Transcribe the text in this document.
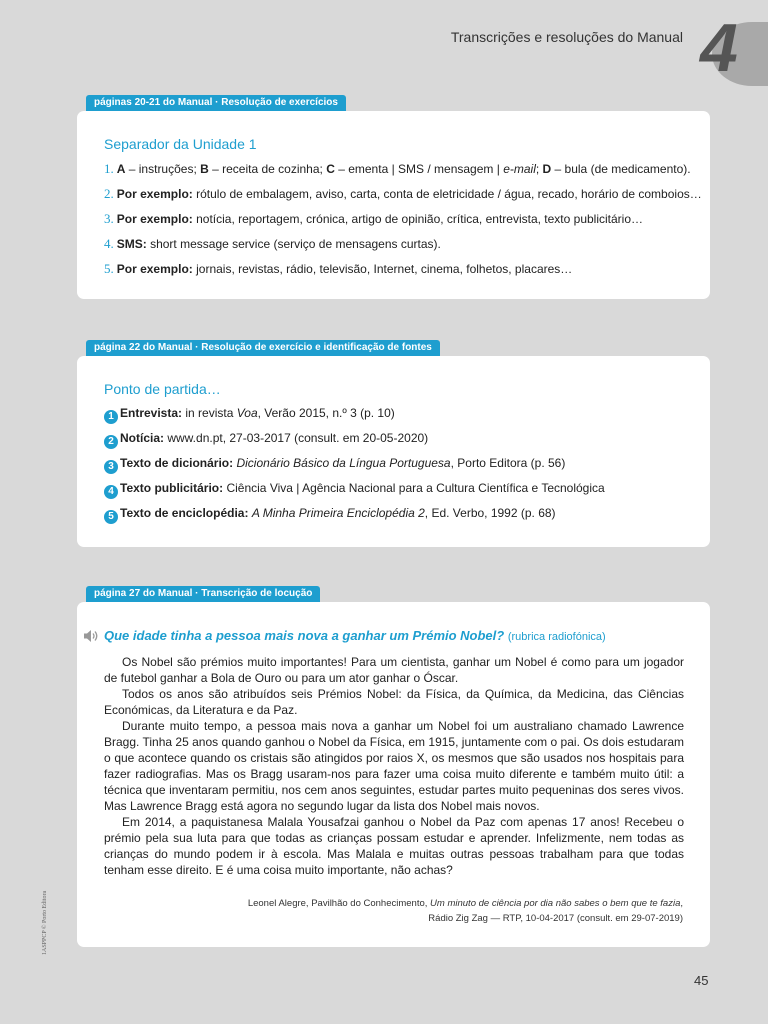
Transcrições e resoluções do Manual 4
páginas 20-21 do Manual · Resolução de exercícios
Separador da Unidade 1
1. A – instruções; B – receita de cozinha; C – ementa | SMS / mensagem | e-mail; D – bula (de medicamento).
2. Por exemplo: rótulo de embalagem, aviso, carta, conta de eletricidade / água, recado, horário de comboios…
3. Por exemplo: notícia, reportagem, crónica, artigo de opinião, crítica, entrevista, texto publicitário…
4. SMS: short message service (serviço de mensagens curtas).
5. Por exemplo: jornais, revistas, rádio, televisão, Internet, cinema, folhetos, placares…
página 22 do Manual · Resolução de exercício e identificação de fontes
Ponto de partida…
1 Entrevista: in revista Voa, Verão 2015, n.º 3 (p. 10)
2 Notícia: www.dn.pt, 27-03-2017 (consult. em 20-05-2020)
3 Texto de dicionário: Dicionário Básico da Língua Portuguesa, Porto Editora (p. 56)
4 Texto publicitário: Ciência Viva | Agência Nacional para a Cultura Científica e Tecnológica
5 Texto de enciclopédia: A Minha Primeira Enciclopédia 2, Ed. Verbo, 1992 (p. 68)
página 27 do Manual · Transcrição de locução
Que idade tinha a pessoa mais nova a ganhar um Prémio Nobel? (rubrica radiofónica)

Os Nobel são prémios muito importantes! Para um cientista, ganhar um Nobel é como para um jogador de futebol ganhar a Bola de Ouro ou para um ator ganhar o Óscar.

Todos os anos são atribuídos seis Prémios Nobel: da Física, da Química, da Medicina, das Ciências Económicas, da Literatura e da Paz.

Durante muito tempo, a pessoa mais nova a ganhar um Nobel foi um australiano chamado Lawrence Bragg. Tinha 25 anos quando ganhou o Nobel da Física, em 1915, juntamente com o pai. Os dois estudaram o que acontece quando os cristais são atingidos por raios X, os mesmos que são usados nos hospitais para fazer radiografias. Mas os Bragg usaram-nos para fazer uma coisa muito diferente e também muito útil: a técnica que inventaram permitiu, nos cem anos seguintes, estudar partes muito pequeninas dos seres vivos. Mas Lawrence Bragg está agora no segundo lugar da lista dos Nobel mais novos.

Em 2014, a paquistanesa Malala Yousafzai ganhou o Nobel da Paz com apenas 17 anos! Recebeu o prémio pela sua luta para que todas as crianças possam estudar e aprender. Infelizmente, nem todas as crianças do mundo podem ir à escola. Mas Malala e muitas outras pessoas trabalham para que todas tenham esse direito. E é uma coisa muito importante, não achas?

Leonel Alegre, Pavilhão do Conhecimento, Um minuto de ciência por dia não sabes o bem que te fazia,
Rádio Zig Zag — RTP, 10-04-2017 (consult. em 29-07-2019)
1ASPPCP © Porto Editora
45
